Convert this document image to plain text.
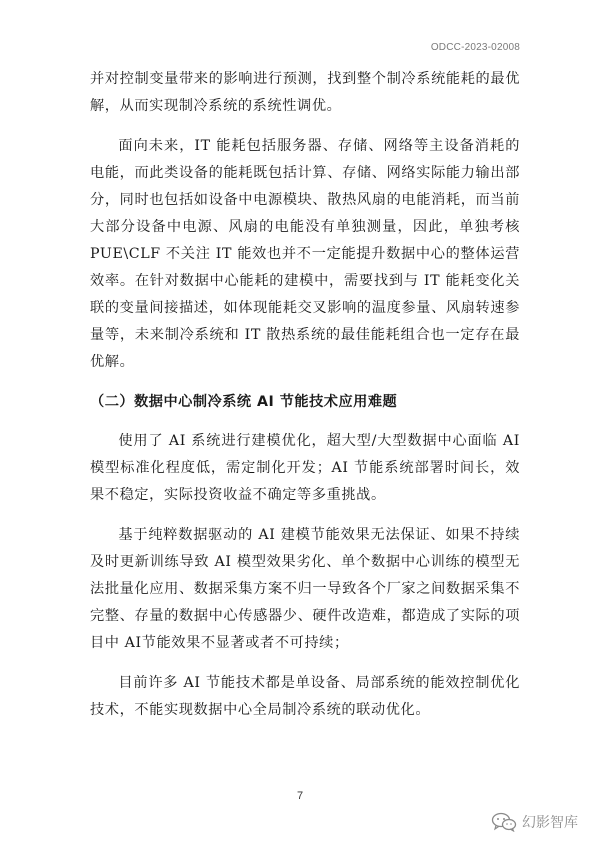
ODCC-2023-02008

并对控制变量带来的影响进行预测，找到整个制冷系统能耗的最优解，从而实现制冷系统的系统性调优。

面向未来，IT 能耗包括服务器、存储、网络等主设备消耗的电能，而此类设备的能耗既包括计算、存储、网络实际能力输出部分，同时也包括如设备中电源模块、散热风扇的电能消耗，而当前大部分设备中电源、风扇的电能没有单独测量，因此，单独考核PUE\CLF 不关注 IT 能效也并不一定能提升数据中心的整体运营效率。在针对数据中心能耗的建模中，需要找到与 IT 能耗变化关联的变量间接描述，如体现能耗交叉影响的温度参量、风扇转速参量等，未来制冷系统和 IT 散热系统的最佳能耗组合也一定存在最优解。

（二）数据中心制冷系统 AI 节能技术应用难题

使用了 AI 系统进行建模优化，超大型/大型数据中心面临 AI 模型标准化程度低，需定制化开发；AI 节能系统部署时间长，效果不稳定，实际投资收益不确定等多重挑战。

基于纯粹数据驱动的 AI 建模节能效果无法保证、如果不持续及时更新训练导致 AI 模型效果劣化、单个数据中心训练的模型无法批量化应用、数据采集方案不归一导致各个厂家之间数据采集不完整、存量的数据中心传感器少、硬件改造难，都造成了实际的项目中 AI节能效果不显著或者不可持续；

目前许多 AI 节能技术都是单设备、局部系统的能效控制优化技术，不能实现数据中心全局制冷系统的联动优化。

7
幻影智库
